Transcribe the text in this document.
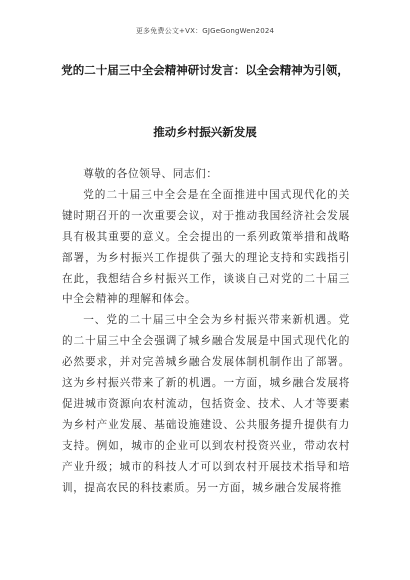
更多免费公文+VX：GJGeGongWen2024
党的二十届三中全会精神研讨发言：以全会精神为引领，
推动乡村振兴新发展

尊敬的各位领导、同志们：

党的二十届三中全会是在全面推进中国式现代化的关键时期召开的一次重要会议，对于推动我国经济社会发展具有极其重要的意义。全会提出的一系列政策举措和战略部署，为乡村振兴工作提供了强大的理论支持和实践指引在此，我想结合乡村振兴工作，谈谈自己对党的二十届三中全会精神的理解和体会。

一、党的二十届三中全会为乡村振兴带来新机遇。党的二十届三中全会强调了城乡融合发展是中国式现代化的必然要求，并对完善城乡融合发展体制机制作出了部署。这为乡村振兴带来了新的机遇。一方面，城乡融合发展将促进城市资源向农村流动，包括资金、技术、人才等要素为乡村产业发展、基础设施建设、公共服务提升提供有力支持。例如，城市的企业可以到农村投资兴业，带动农村产业升级；城市的科技人才可以到农村开展技术指导和培训，提高农民的科技素质。另一方面，城乡融合发展将推
